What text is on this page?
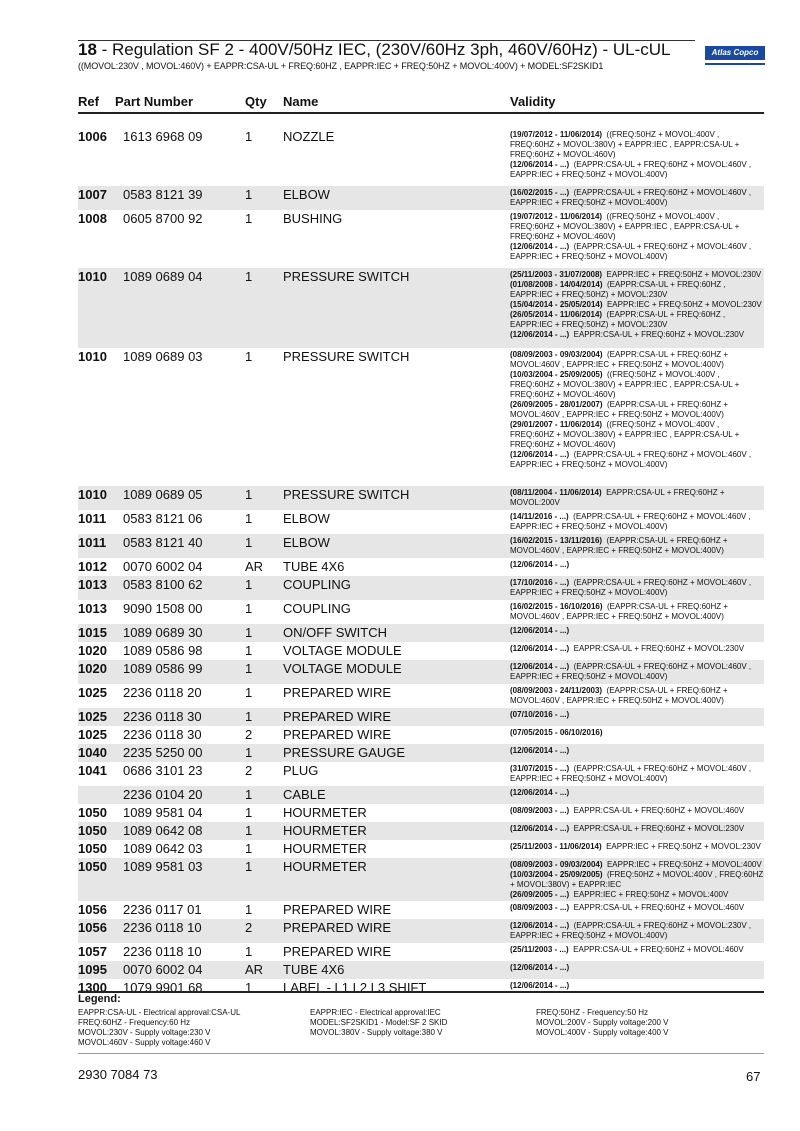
18 - Regulation SF 2 - 400V/50Hz IEC, (230V/60Hz 3ph, 460V/60Hz) - UL-cUL
((MOVOL:230V , MOVOL:460V) + EAPPR:CSA-UL + FREQ:60HZ , EAPPR:IEC + FREQ:50HZ + MOVOL:400V) + MODEL:SF2SKID1
Atlas Copco
Ref Part Number	Qty Name	Validity
1006 1613 6968 09	1 NOZZLE	(19/07/2012 - 11/06/2014) ((FREQ:50HZ + MOVOL:400V , FREQ:60HZ + MOVOL:380V) + EAPPR:IEC , EAPPR:CSA-UL + FREQ:60HZ + MOVOL:460V)
(12/06/2014 - ...) (EAPPR:CSA-UL + FREQ:60HZ + MOVOL:460V , EAPPR:IEC + FREQ:50HZ + MOVOL:400V)
1007 0583 8121 39	1 ELBOW	(16/02/2015 - ...) (EAPPR:CSA-UL + FREQ:60HZ + MOVOL:460V , EAPPR:IEC + FREQ:50HZ + MOVOL:400V)
1008 0605 8700 92	1 BUSHING	(19/07/2012 - 11/06/2014) ((FREQ:50HZ + MOVOL:400V , FREQ:60HZ + MOVOL:380V) + EAPPR:IEC , EAPPR:CSA-UL + FREQ:60HZ + MOVOL:460V)
(12/06/2014 - ...) (EAPPR:CSA-UL + FREQ:60HZ + MOVOL:460V , EAPPR:IEC + FREQ:50HZ + MOVOL:400V)
1010 1089 0689 04	1 PRESSURE SWITCH	(25/11/2003 - 31/07/2008) EAPPR:IEC + FREQ:50HZ + MOVOL:230V
(01/08/2008 - 14/04/2014) (EAPPR:CSA-UL + FREQ:60HZ , EAPPR:IEC + FREQ:50HZ) + MOVOL:230V
(15/04/2014 - 25/05/2014) EAPPR:IEC + FREQ:50HZ + MOVOL:230V
(26/05/2014 - 11/06/2014) (EAPPR:CSA-UL + FREQ:60HZ , EAPPR:IEC + FREQ:50HZ) + MOVOL:230V
(12/06/2014 - ...) EAPPR:CSA-UL + FREQ:60HZ + MOVOL:230V
1010 1089 0689 03	1 PRESSURE SWITCH	(08/09/2003 - 09/03/2004) (EAPPR:CSA-UL + FREQ:60HZ + MOVOL:460V , EAPPR:IEC + FREQ:50HZ + MOVOL:400V)
(10/03/2004 - 25/09/2005) ((FREQ:50HZ + MOVOL:400V , FREQ:60HZ + MOVOL:380V) + EAPPR:IEC , EAPPR:CSA-UL + FREQ:60HZ + MOVOL:460V)
(26/09/2005 - 28/01/2007) (EAPPR:CSA-UL + FREQ:60HZ + MOVOL:460V , EAPPR:IEC + FREQ:50HZ + MOVOL:400V)
(29/01/2007 - 11/06/2014) ((FREQ:50HZ + MOVOL:400V , FREQ:60HZ + MOVOL:380V) + EAPPR:IEC , EAPPR:CSA-UL + FREQ:60HZ + MOVOL:460V)
(12/06/2014 - ...) (EAPPR:CSA-UL + FREQ:60HZ + MOVOL:460V , EAPPR:IEC + FREQ:50HZ + MOVOL:400V)
1010 1089 0689 05	1 PRESSURE SWITCH	(08/11/2004 - 11/06/2014) EAPPR:CSA-UL + FREQ:60HZ + MOVOL:200V
1011 0583 8121 06	1 ELBOW	(14/11/2016 - ...) (EAPPR:CSA-UL + FREQ:60HZ + MOVOL:460V , EAPPR:IEC + FREQ:50HZ + MOVOL:400V)
1011 0583 8121 40	1 ELBOW	(16/02/2015 - 13/11/2016) (EAPPR:CSA-UL + FREQ:60HZ + MOVOL:460V , EAPPR:IEC + FREQ:50HZ + MOVOL:400V)
1012 0070 6002 04	AR TUBE 4X6	(12/06/2014 - ...)
1013 0583 8100 62	1 COUPLING	(17/10/2016 - ...) (EAPPR:CSA-UL + FREQ:60HZ + MOVOL:460V , EAPPR:IEC + FREQ:50HZ + MOVOL:400V)
1013 9090 1508 00	1 COUPLING	(16/02/2015 - 16/10/2016) (EAPPR:CSA-UL + FREQ:60HZ + MOVOL:460V , EAPPR:IEC + FREQ:50HZ + MOVOL:400V)
1015 1089 0689 30	1 ON/OFF SWITCH	(12/06/2014 - ...)
1020 1089 0586 98	1 VOLTAGE MODULE	(12/06/2014 - ...) EAPPR:CSA-UL + FREQ:60HZ + MOVOL:230V
1020 1089 0586 99	1 VOLTAGE MODULE	(12/06/2014 - ...) (EAPPR:CSA-UL + FREQ:60HZ + MOVOL:460V , EAPPR:IEC + FREQ:50HZ + MOVOL:400V)
1025 2236 0118 20	1 PREPARED WIRE	(08/09/2003 - 24/11/2003) (EAPPR:CSA-UL + FREQ:60HZ + MOVOL:460V , EAPPR:IEC + FREQ:50HZ + MOVOL:400V)
1025 2236 0118 30	1 PREPARED WIRE	(07/10/2016 - ...)
1025 2236 0118 30	2 PREPARED WIRE	(07/05/2015 - 06/10/2016)
1040 2235 5250 00	1 PRESSURE GAUGE	(12/06/2014 - ...)
1041 0686 3101 23	2 PLUG	(31/07/2015 - ...) (EAPPR:CSA-UL + FREQ:60HZ + MOVOL:460V , EAPPR:IEC + FREQ:50HZ + MOVOL:400V)
2236 0104 20	1 CABLE	(12/06/2014 - ...)
1050 1089 9581 04	1 HOURMETER	(08/09/2003 - ...) EAPPR:CSA-UL + FREQ:60HZ + MOVOL:460V
1050 1089 0642 08	1 HOURMETER	(12/06/2014 - ...) EAPPR:CSA-UL + FREQ:60HZ + MOVOL:230V
1050 1089 0642 03	1 HOURMETER	(25/11/2003 - 11/06/2014) EAPPR:IEC + FREQ:50HZ + MOVOL:230V
1050 1089 9581 03	1 HOURMETER	(08/09/2003 - 09/03/2004) EAPPR:IEC + FREQ:50HZ + MOVOL:400V
(10/03/2004 - 25/09/2005) (FREQ:50HZ + MOVOL:400V , FREQ:60HZ + MOVOL:380V) + EAPPR:IEC
(26/09/2005 - ...) EAPPR:IEC + FREQ:50HZ + MOVOL:400V
1056 2236 0117 01	1 PREPARED WIRE	(08/09/2003 - ...) EAPPR:CSA-UL + FREQ:60HZ + MOVOL:460V
1056 2236 0118 10	2 PREPARED WIRE	(12/06/2014 - ...) (EAPPR:CSA-UL + FREQ:60HZ + MOVOL:230V , EAPPR:IEC + FREQ:50HZ + MOVOL:400V)
1057 2236 0118 10	1 PREPARED WIRE	(25/11/2003 - ...) EAPPR:CSA-UL + FREQ:60HZ + MOVOL:460V
1095 0070 6002 04	AR TUBE 4X6	(12/06/2014 - ...)
1300 1079 9901 68	1 LABEL - L1 L2 L3 SHIFT	(12/06/2014 - ...)
Legend:
EAPPR:CSA-UL - Electrical approval:CSA-UL
FREQ:60HZ - Frequency:60 Hz
MOVOL:230V - Supply voltage:230 V
MOVOL:460V - Supply voltage:460 V
EAPPR:IEC - Electrical approval:IEC
MODEL:SF2SKID1 - Model:SF 2 SKID
MOVOL:380V - Supply voltage:380 V
FREQ:50HZ - Frequency:50 Hz
MOVOL:200V - Supply voltage:200 V
MOVOL:400V - Supply voltage:400 V
2930 7084 73	67
